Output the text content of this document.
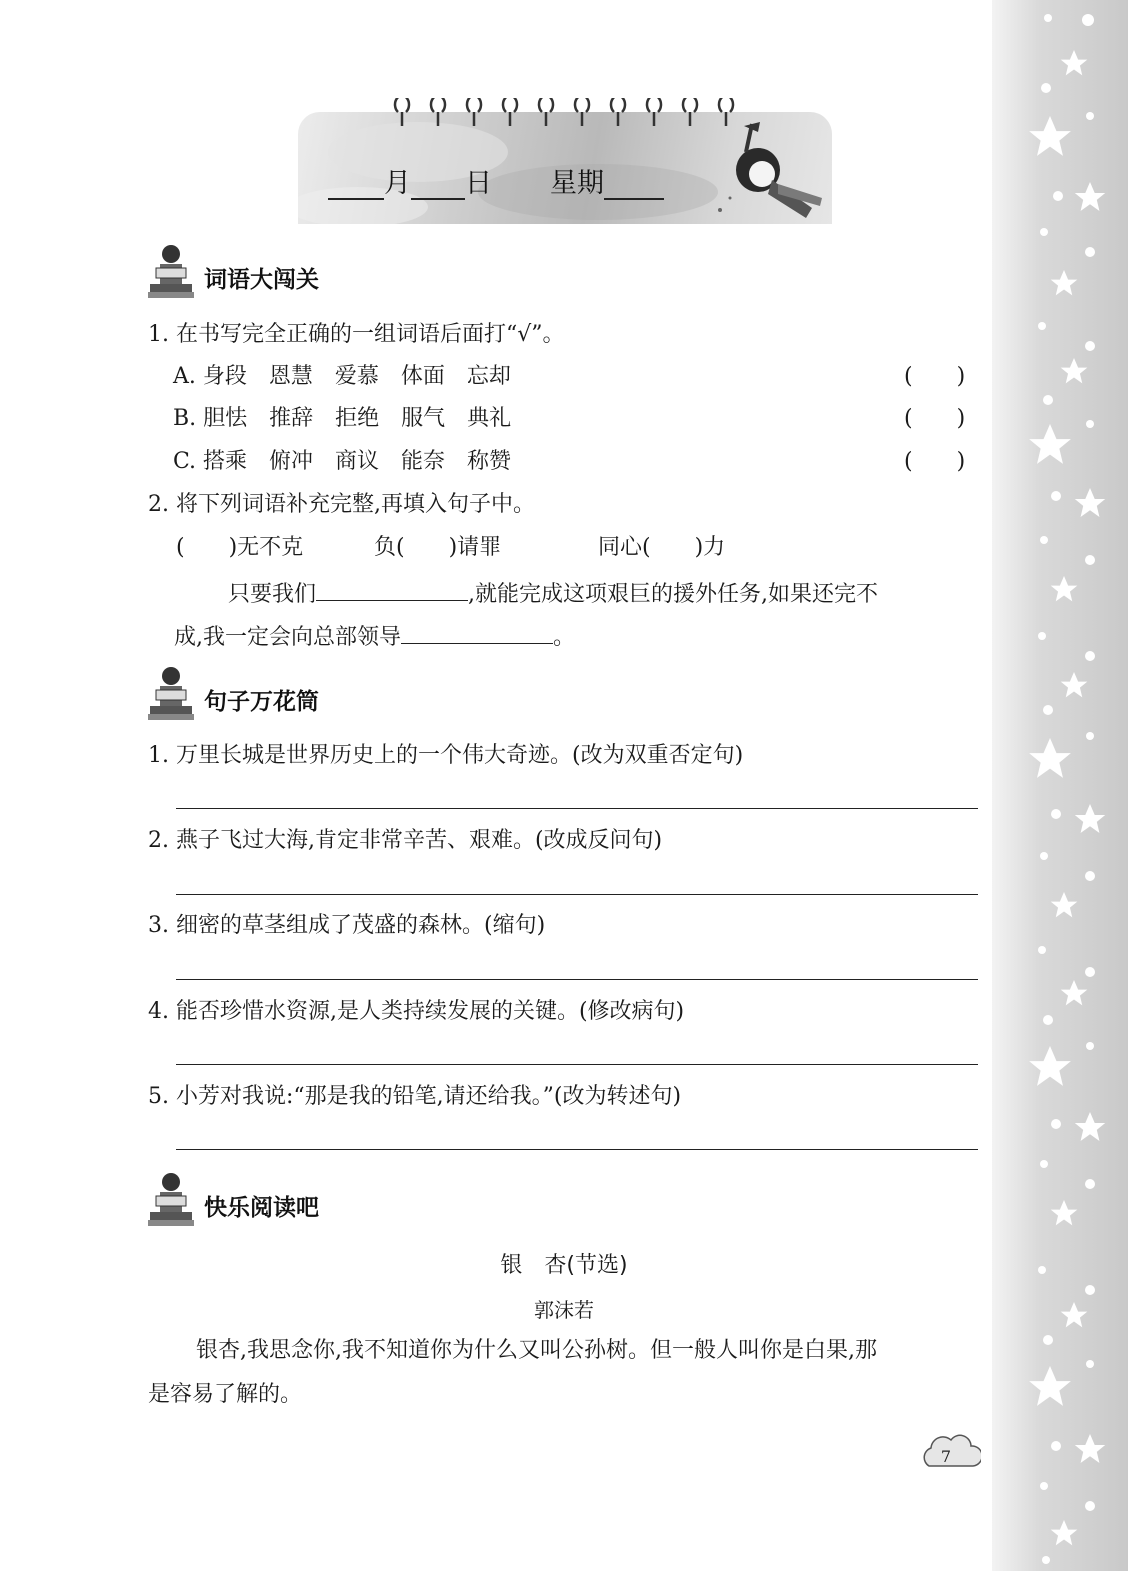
月 日 星期
词语大闯关
1. 在书写完全正确的一组词语后面打“√”。
A. 身段　恩慧　爱慕　体面　忘却	(　　)
B. 胆怯　推辞　拒绝　服气　典礼	(　　)
C. 搭乘　俯冲　商议　能奈　称赞	(　　)
2. 将下列词语补充完整,再填入句子中。
(　　)无不克	负(　　)请罪	同心(　　)力
只要我们	,就能完成这项艰巨的援外任务,如果还完不
成,我一定会向总部领导	。
句子万花筒
1. 万里长城是世界历史上的一个伟大奇迹。(改为双重否定句)
2. 燕子飞过大海,肯定非常辛苦、艰难。(改成反问句)
3. 细密的草茎组成了茂盛的森林。(缩句)
4. 能否珍惜水资源,是人类持续发展的关键。(修改病句)
5. 小芳对我说:“那是我的铅笔,请还给我。”(改为转述句)
快乐阅读吧
银　杏(节选)
郭沫若
银杏,我思念你,我不知道你为什么又叫公孙树。但一般人叫你是白果,那
是容易了解的。
7
